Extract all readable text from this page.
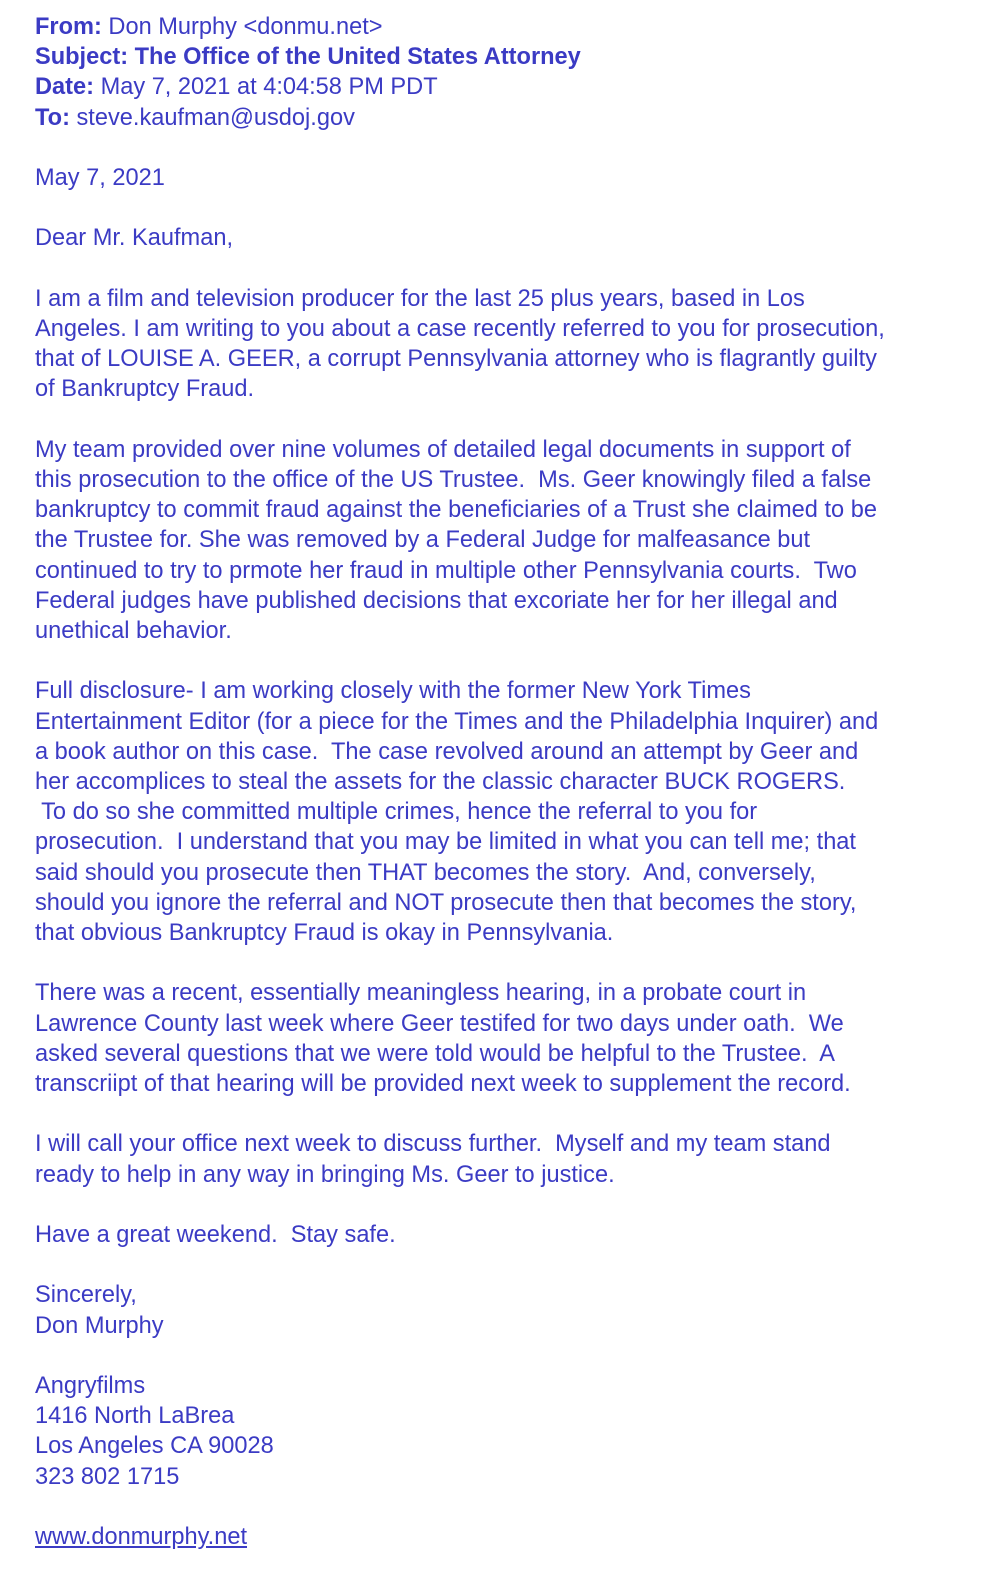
From: Don Murphy <donmu.net>
Subject: The Office of the United States Attorney
Date: May 7, 2021 at 4:04:58 PM PDT
To: steve.kaufman@usdoj.gov
May 7, 2021
Dear Mr. Kaufman,
I am a film and television producer for the last 25 plus years, based in Los
Angeles. I am writing to you about a case recently referred to you for prosecution,
that of LOUISE A. GEER, a corrupt Pennsylvania attorney who is flagrantly guilty
of Bankruptcy Fraud.
My team provided over nine volumes of detailed legal documents in support of
this prosecution to the office of the US Trustee.  Ms. Geer knowingly filed a false
bankruptcy to commit fraud against the beneficiaries of a Trust she claimed to be
the Trustee for. She was removed by a Federal Judge for malfeasance but
continued to try to prmote her fraud in multiple other Pennsylvania courts.  Two
Federal judges have published decisions that excoriate her for her illegal and
unethical behavior.
Full disclosure- I am working closely with the former New York Times
Entertainment Editor (for a piece for the Times and the Philadelphia Inquirer) and
a book author on this case.  The case revolved around an attempt by Geer and
her accomplices to steal the assets for the classic character BUCK ROGERS.
To do so she committed multiple crimes, hence the referral to you for
prosecution.  I understand that you may be limited in what you can tell me; that
said should you prosecute then THAT becomes the story.  And, conversely,
should you ignore the referral and NOT prosecute then that becomes the story,
that obvious Bankruptcy Fraud is okay in Pennsylvania.
There was a recent, essentially meaningless hearing, in a probate court in
Lawrence County last week where Geer testifed for two days under oath.  We
asked several questions that we were told would be helpful to the Trustee.  A
transcriipt of that hearing will be provided next week to supplement the record.
I will call your office next week to discuss further.  Myself and my team stand
ready to help in any way in bringing Ms. Geer to justice.
Have a great weekend.  Stay safe.
Sincerely,
Don Murphy
Angryfilms
1416 North LaBrea
Los Angeles CA 90028
323 802 1715
www.donmurphy.net
